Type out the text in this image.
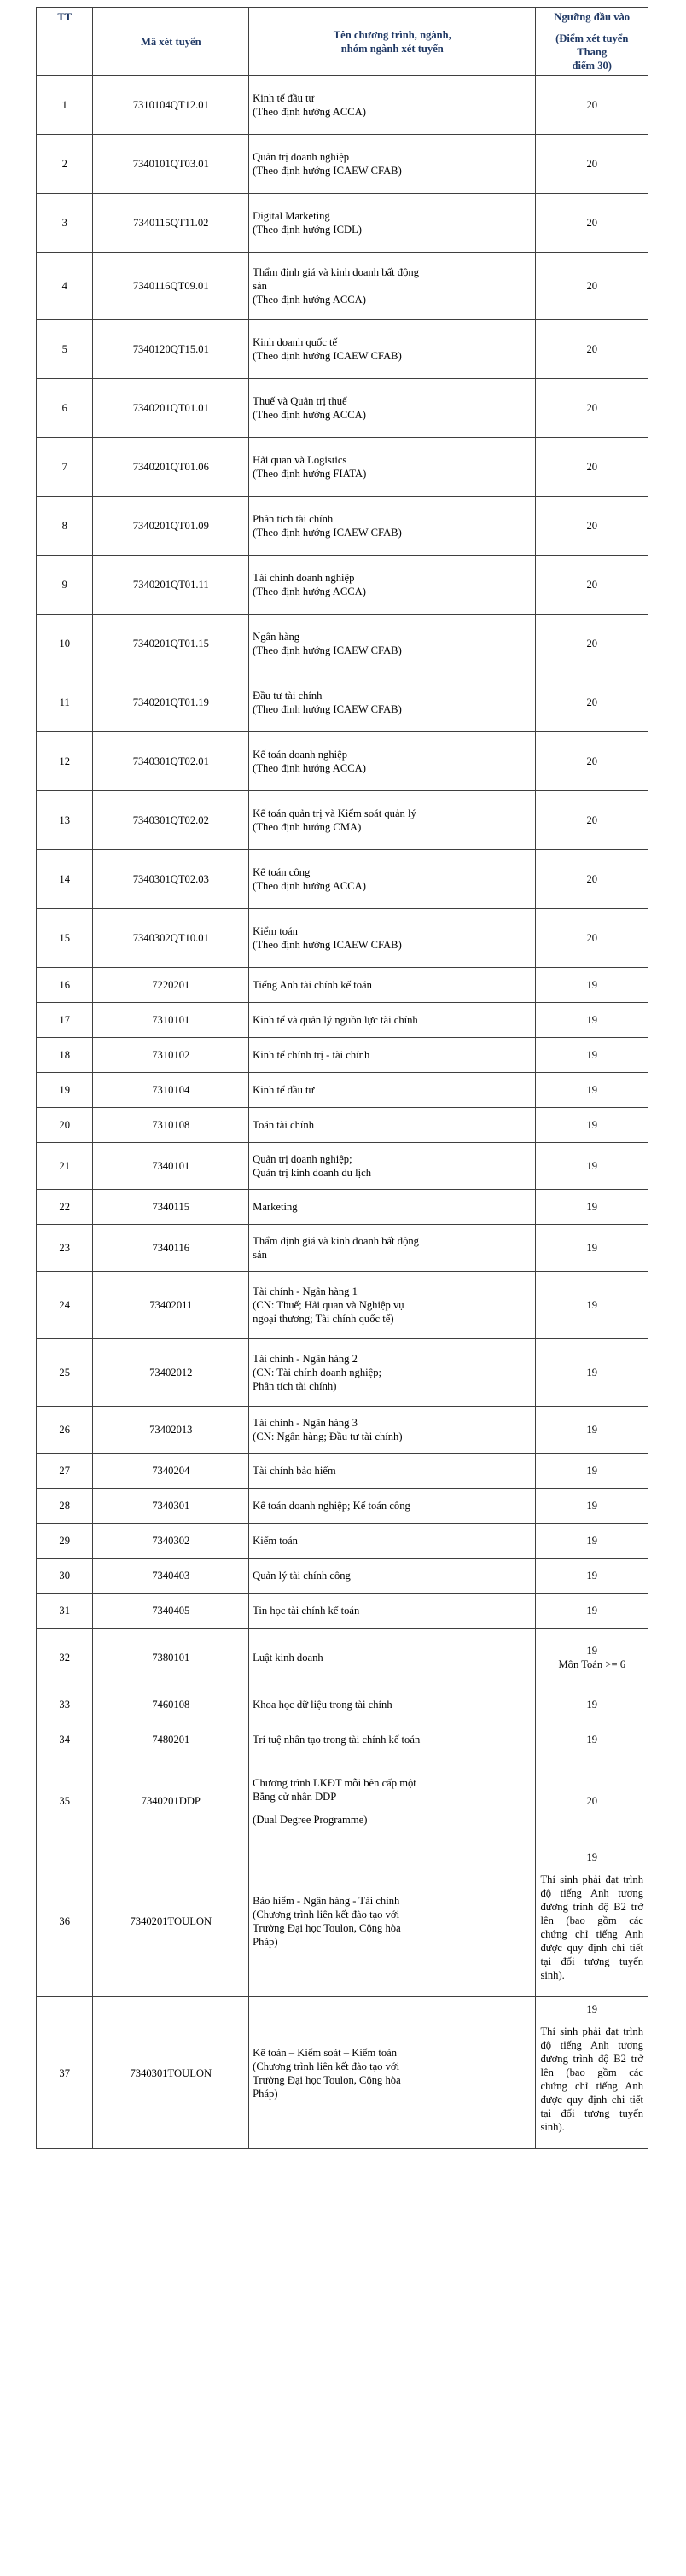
TT	Mã xét tuyển	Tên chương trình, ngành,
nhóm ngành xét tuyển	Ngưỡng đầu vào
(Điểm xét tuyển Thang
điểm 30)

1	7310104QT12.01	Kinh tế đầu tư
(Theo định hướng ACCA)	20
2	7340101QT03.01	Quản trị doanh nghiệp
(Theo định hướng ICAEW CFAB)	20
3	7340115QT11.02	Digital Marketing
(Theo định hướng ICDL)	20
4	7340116QT09.01	Thẩm định giá và kinh doanh bất động
sản
(Theo định hướng ACCA)	20
5	7340120QT15.01	Kinh doanh quốc tế
(Theo định hướng ICAEW CFAB)	20
6	7340201QT01.01	Thuế và Quản trị thuế
(Theo định hướng ACCA)	20
7	7340201QT01.06	Hải quan và Logistics
(Theo định hướng FIATA)	20
8	7340201QT01.09	Phân tích tài chính
(Theo định hướng ICAEW CFAB)	20
9	7340201QT01.11	Tài chính doanh nghiệp
(Theo định hướng ACCA)	20
10	7340201QT01.15	Ngân hàng
(Theo định hướng ICAEW CFAB)	20
11	7340201QT01.19	Đầu tư tài chính
(Theo định hướng ICAEW CFAB)	20
12	7340301QT02.01	Kế toán doanh nghiệp
(Theo định hướng ACCA)	20
13	7340301QT02.02	Kế toán quản trị và Kiểm soát quản lý
(Theo định hướng CMA)	20
14	7340301QT02.03	Kế toán công
(Theo định hướng ACCA)	20
15	7340302QT10.01	Kiểm toán
(Theo định hướng ICAEW CFAB)	20
16	7220201	Tiếng Anh tài chính kế toán	19
17	7310101	Kinh tế và quản lý nguồn lực tài chính	19
18	7310102	Kinh tế chính trị - tài chính	19
19	7310104	Kinh tế đầu tư	19
20	7310108	Toán tài chính	19
21	7340101	Quản trị doanh nghiệp;
Quản trị kinh doanh du lịch	19
22	7340115	Marketing	19
23	7340116	Thẩm định giá và kinh doanh bất động
sản	19
24	73402011	Tài chính - Ngân hàng 1
(CN: Thuế; Hải quan và Nghiệp vụ
ngoại thương; Tài chính quốc tế)	19
25	73402012	Tài chính - Ngân hàng 2
(CN: Tài chính doanh nghiệp;
Phân tích tài chính)	19
26	73402013	Tài chính - Ngân hàng 3
(CN: Ngân hàng; Đầu tư tài chính)	19
27	7340204	Tài chính bảo hiểm	19
28	7340301	Kế toán doanh nghiệp; Kế toán công	19
29	7340302	Kiểm toán	19
30	7340403	Quản lý tài chính công	19
31	7340405	Tin học tài chính kế toán	19
32	7380101	Luật kinh doanh	19
Môn Toán >= 6

33	7460108	Khoa học dữ liệu trong tài chính	19
34	7480201	Trí tuệ nhân tạo trong tài chính kế toán	19
35	7340201DDP	Chương trình LKĐT mỗi bên cấp một
Bằng cử nhân DDP
(Dual Degree Programme)	20
36	7340201TOULON	Bảo hiểm - Ngân hàng - Tài chính
(Chương trình liên kết đào tạo với
Trường Đại học Toulon, Cộng hòa
Pháp)	19
Thí sinh phải đạt trình độ tiếng Anh tương đương trình độ B2 trở lên (bao gồm các chứng chỉ tiếng Anh được quy định chi tiết tại đối tượng tuyển sinh).
37	7340301TOULON	Kế toán – Kiểm soát – Kiểm toán
(Chương trình liên kết đào tạo với
Trường Đại học Toulon, Cộng hòa
Pháp)	19
Thí sinh phải đạt trình độ tiếng Anh tương đương trình độ B2 trở lên (bao gồm các chứng chỉ tiếng Anh được quy định chi tiết tại đối tượng tuyển sinh).
